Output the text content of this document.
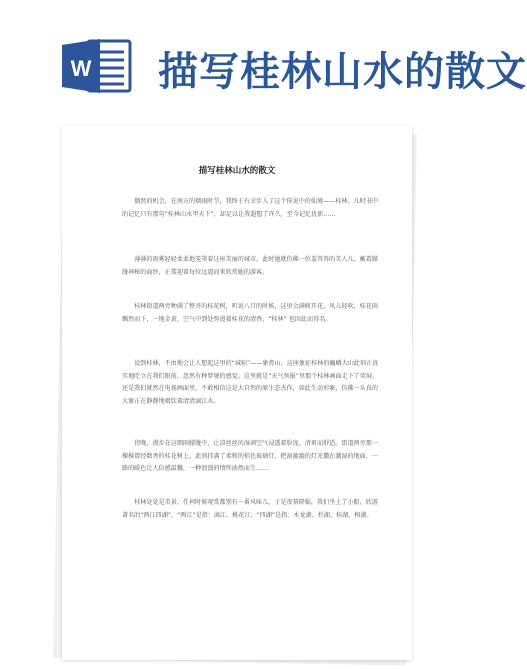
W 描写桂林山水的散文
描写桂林山水的散文

偶然的机会，在南方的烟雨时节，我终于有幸步入了这个传说中的仙境——桂林。儿时书中的记忆只有那句“桂林山水甲天下”，却足以让我遐想了许久，至今记忆犹新……

薄薄的雨雾轻轻柔柔地笼罩着这座美丽的城市，此时她就仿佛一位羞答答的美人儿，戴着朦胧神秘的面纱，正恭迎着每位远道而来欣赏她的游客。

桂林街道两旁种满了整齐的桂花树，听说八月的时候，这里会满树开花，风儿轻吹，桂花雨飘然而下，一地金黄，空气中到处弥漫着桂花的清香，“桂林” 也因此而得名。

说到桂林，不由地会让人想起这里的“城标”——象鼻山，这座象征桂林的巍峨大山此刻正真实地吃立在我们眼前，忽然有种梦境的感觉。这里就是“天气预报”里那个桂林画面走下了荧屏，还是我们就然在电视画面里，不敢相信这是大自然的原生态杰作，如此生动形象，仿佛一头真的大象正在静静地啜饮着清清漓江水。

傍晚，漫步在这细雨朦胧中，让凉丝丝的湿润空气浸透着脸庞，清爽而舒适。街道两旁那一棵棵曾经数香的桂花树上，此刻挂满了柔和的桔色玻璃灯，把湿漉漉的灯光撒在潮湿的地面，一路的暖色让人倍感温馨，一种浪漫的情怀油然而生……

桂林处处是美景，任何时候观赏都别有一番风味儿，于是夜幕降临，我们坐上了小船，欣游著名的“两江四湖”，“两江”是指：漓江、桃花江；“四湖”是指：木龙湖、杉湖、桂湖、榕湖。
